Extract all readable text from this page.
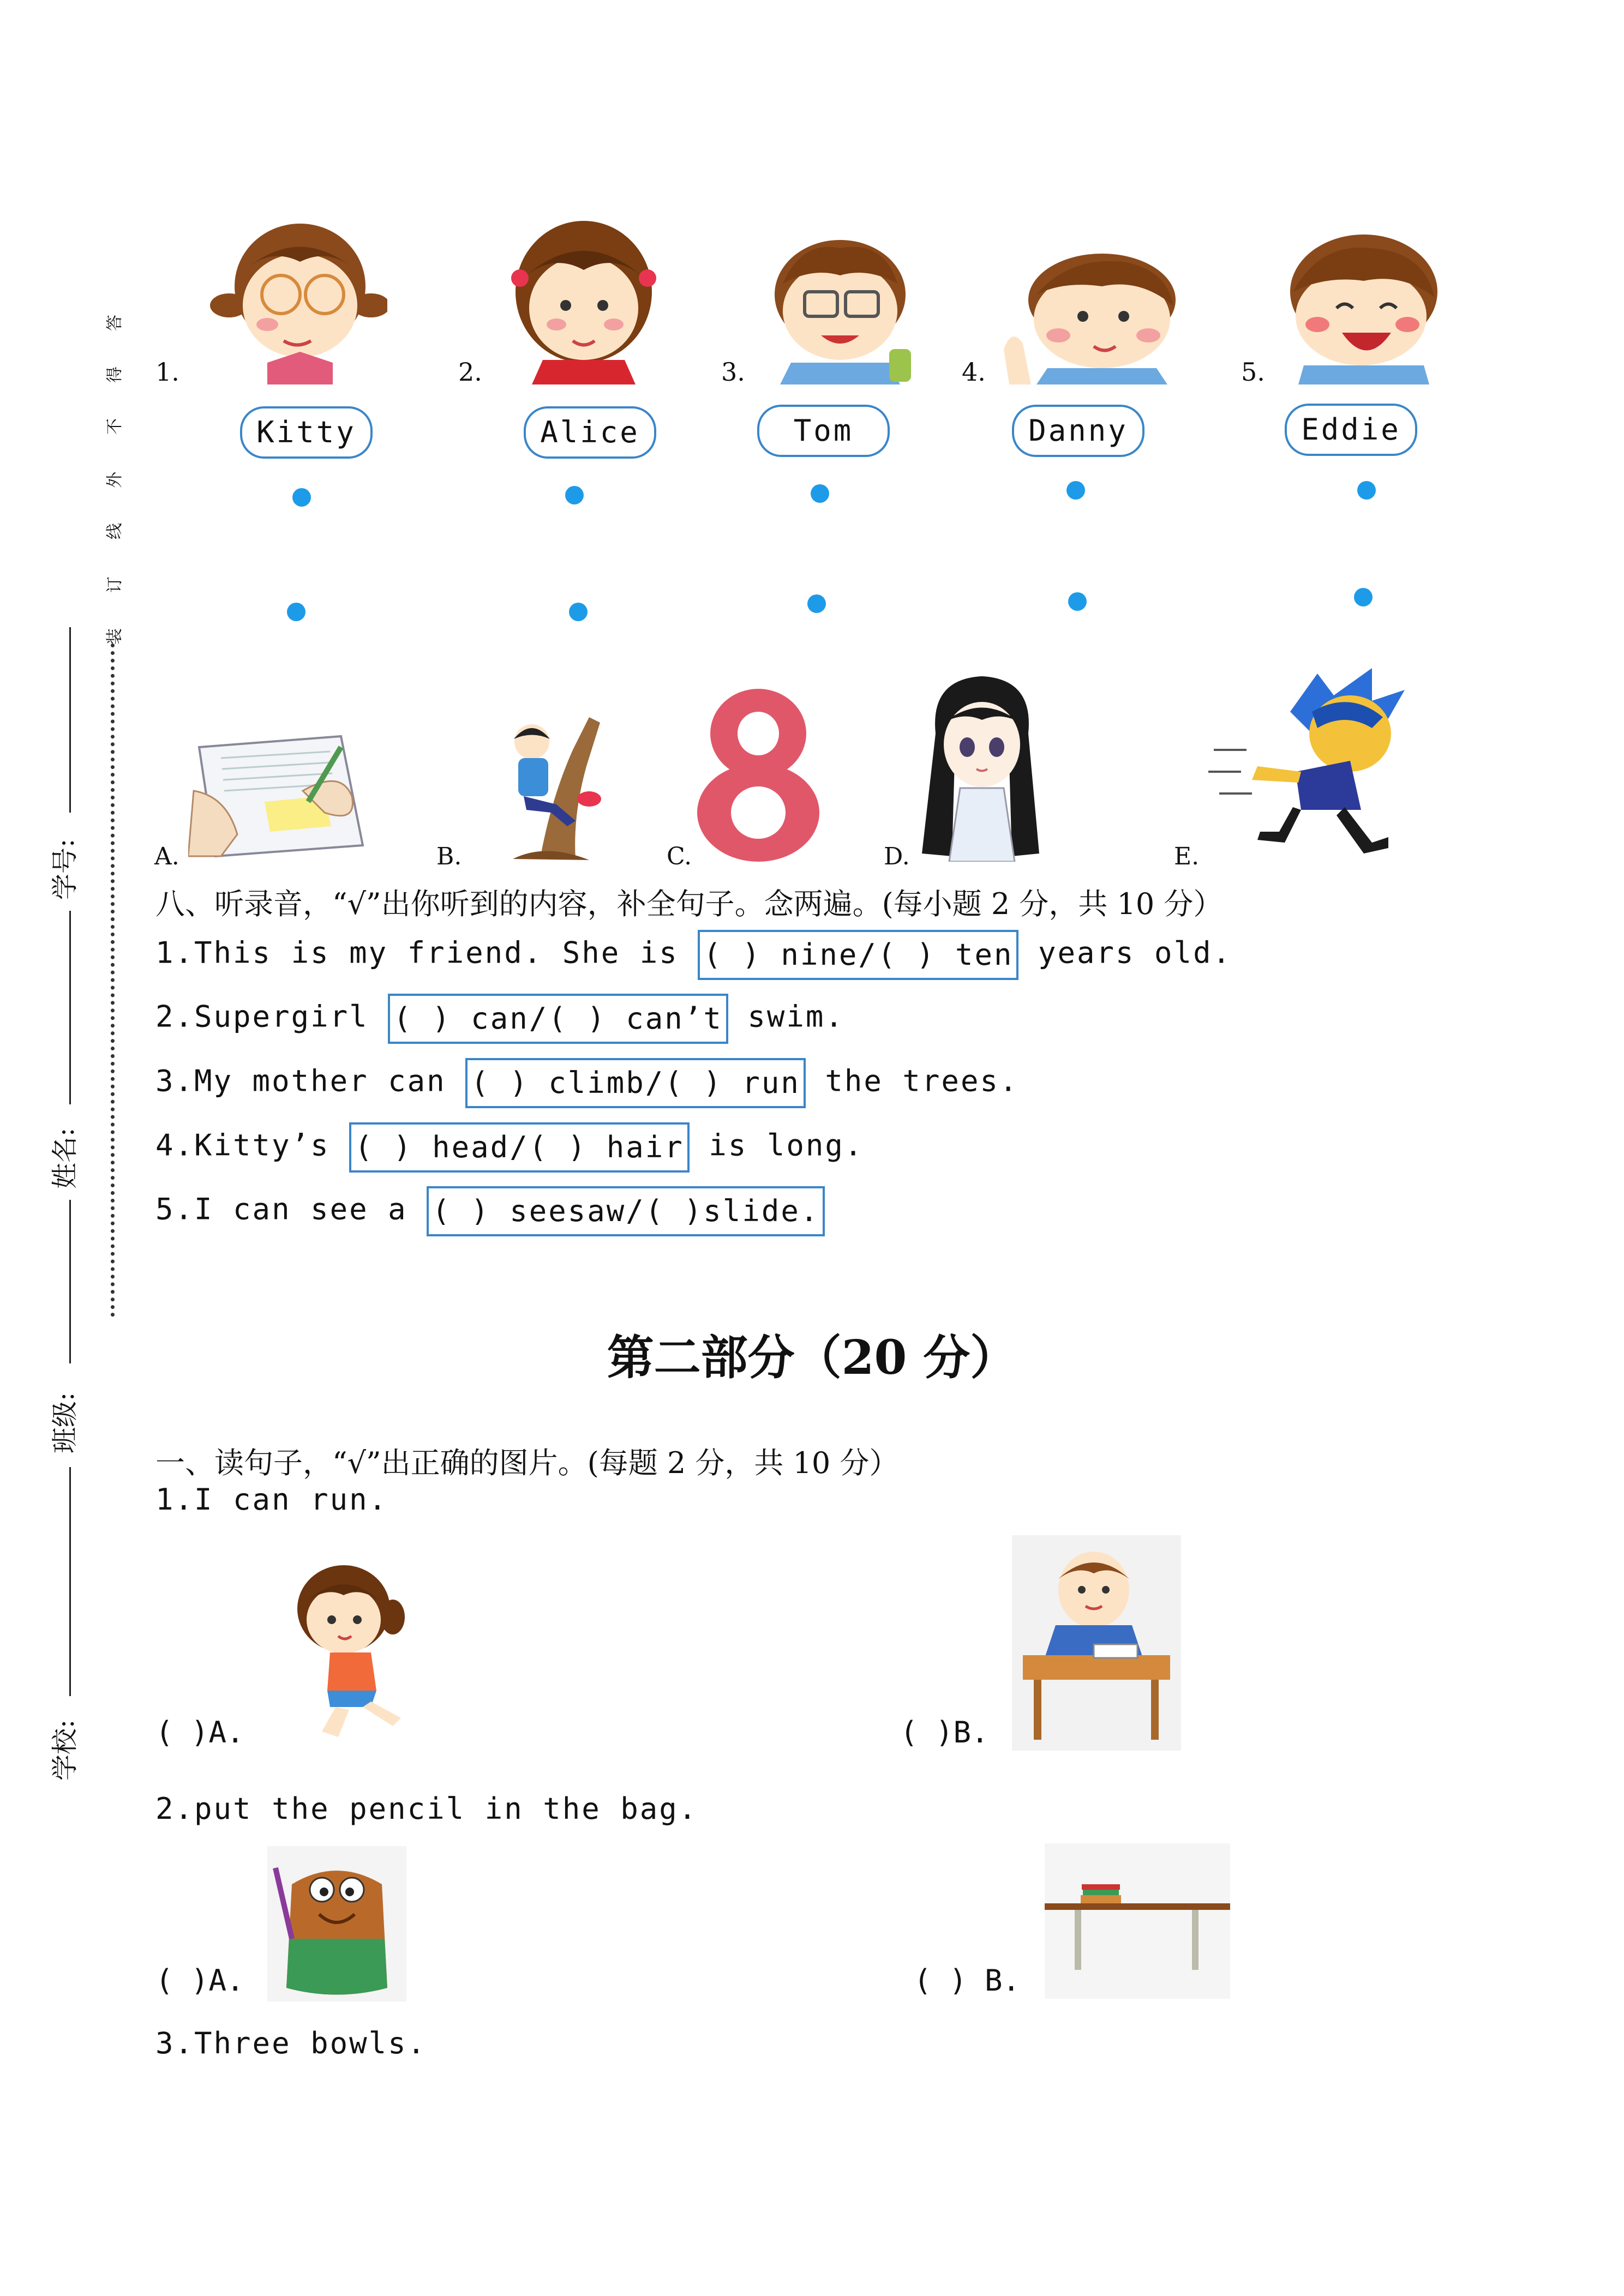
答
得
不
外
线
订
装
学号:
姓名:
班级:
学校:
1.
Kitty
2.
Alice
3.
Tom
4.
Danny
5.
Eddie
A.	B.	C.	D.	E.
八、听录音，“√”出你听到的内容，补全句子。念两遍。(每小题 2 分，共 10 分）
1.This is my friend. She is ( ) nine/( ) ten years old.
2.Supergirl ( ) can/( ) can’t swim.
3.My mother can ( ) climb/( ) run the trees.
4.Kitty’s ( ) head/( ) hair is long.
5.I can see a ( ) seesaw/( )slide.
第二部分（20 分）
一、读句子，“√”出正确的图片。(每题 2 分，共 10 分）
1.I can run.
( )A.	( )B.
2.put the pencil in the bag.
( )A.	( ) B.
3.Three bowls.
